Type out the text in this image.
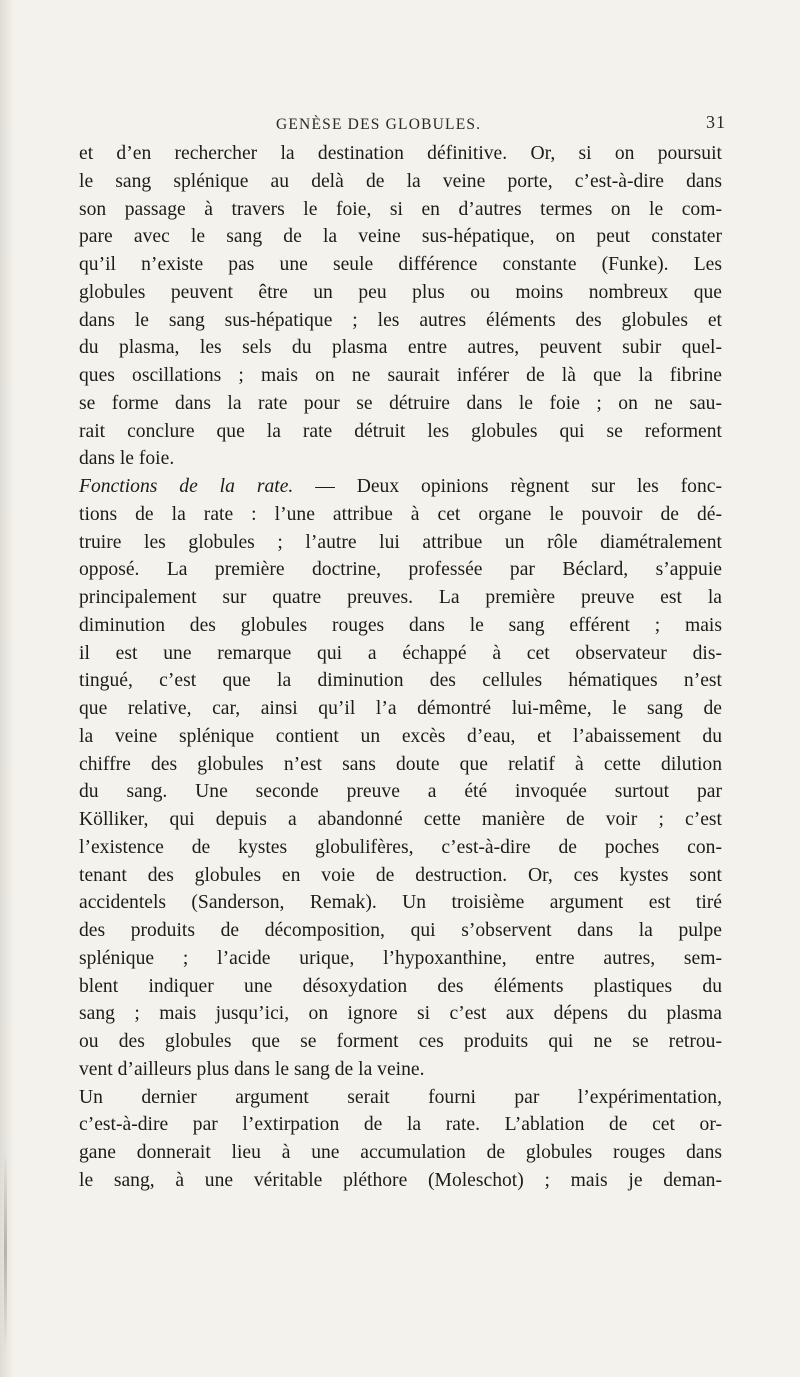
GENÈSE DES GLOBULES.	31
et d’en rechercher la destination définitive. Or, si on poursuit
le sang splénique au delà de la veine porte, c’est-à-dire dans
son passage à travers le foie, si en d’autres termes on le com-
pare avec le sang de la veine sus-hépatique, on peut constater
qu’il n’existe pas une seule différence constante (Funke). Les
globules peuvent être un peu plus ou moins nombreux que
dans le sang sus-hépatique ; les autres éléments des globules et
du plasma, les sels du plasma entre autres, peuvent subir quel-
ques oscillations ; mais on ne saurait inférer de là que la fibrine
se forme dans la rate pour se détruire dans le foie ; on ne sau-
rait conclure que la rate détruit les globules qui se reforment
dans le foie.
Fonctions de la rate. — Deux opinions règnent sur les fonc-
tions de la rate : l’une attribue à cet organe le pouvoir de dé-
truire les globules ; l’autre lui attribue un rôle diamétralement
opposé. La première doctrine, professée par Béclard, s’appuie
principalement sur quatre preuves. La première preuve est la
diminution des globules rouges dans le sang efférent ; mais
il est une remarque qui a échappé à cet observateur dis-
tingué, c’est que la diminution des cellules hématiques n’est
que relative, car, ainsi qu’il l’a démontré lui-même, le sang de
la veine splénique contient un excès d’eau, et l’abaissement du
chiffre des globules n’est sans doute que relatif à cette dilution
du sang. Une seconde preuve a été invoquée surtout par
Kölliker, qui depuis a abandonné cette manière de voir ; c’est
l’existence de kystes globulifères, c’est-à-dire de poches con-
tenant des globules en voie de destruction. Or, ces kystes sont
accidentels (Sanderson, Remak). Un troisième argument est tiré
des produits de décomposition, qui s’observent dans la pulpe
splénique ; l’acide urique, l’hypoxanthine, entre autres, sem-
blent indiquer une désoxydation des éléments plastiques du
sang ; mais jusqu’ici, on ignore si c’est aux dépens du plasma
ou des globules que se forment ces produits qui ne se retrou-
vent d’ailleurs plus dans le sang de la veine.
Un dernier argument serait fourni par l’expérimentation,
c’est-à-dire par l’extirpation de la rate. L’ablation de cet or-
gane donnerait lieu à une accumulation de globules rouges dans
le sang, à une véritable pléthore (Moleschot) ; mais je deman-
